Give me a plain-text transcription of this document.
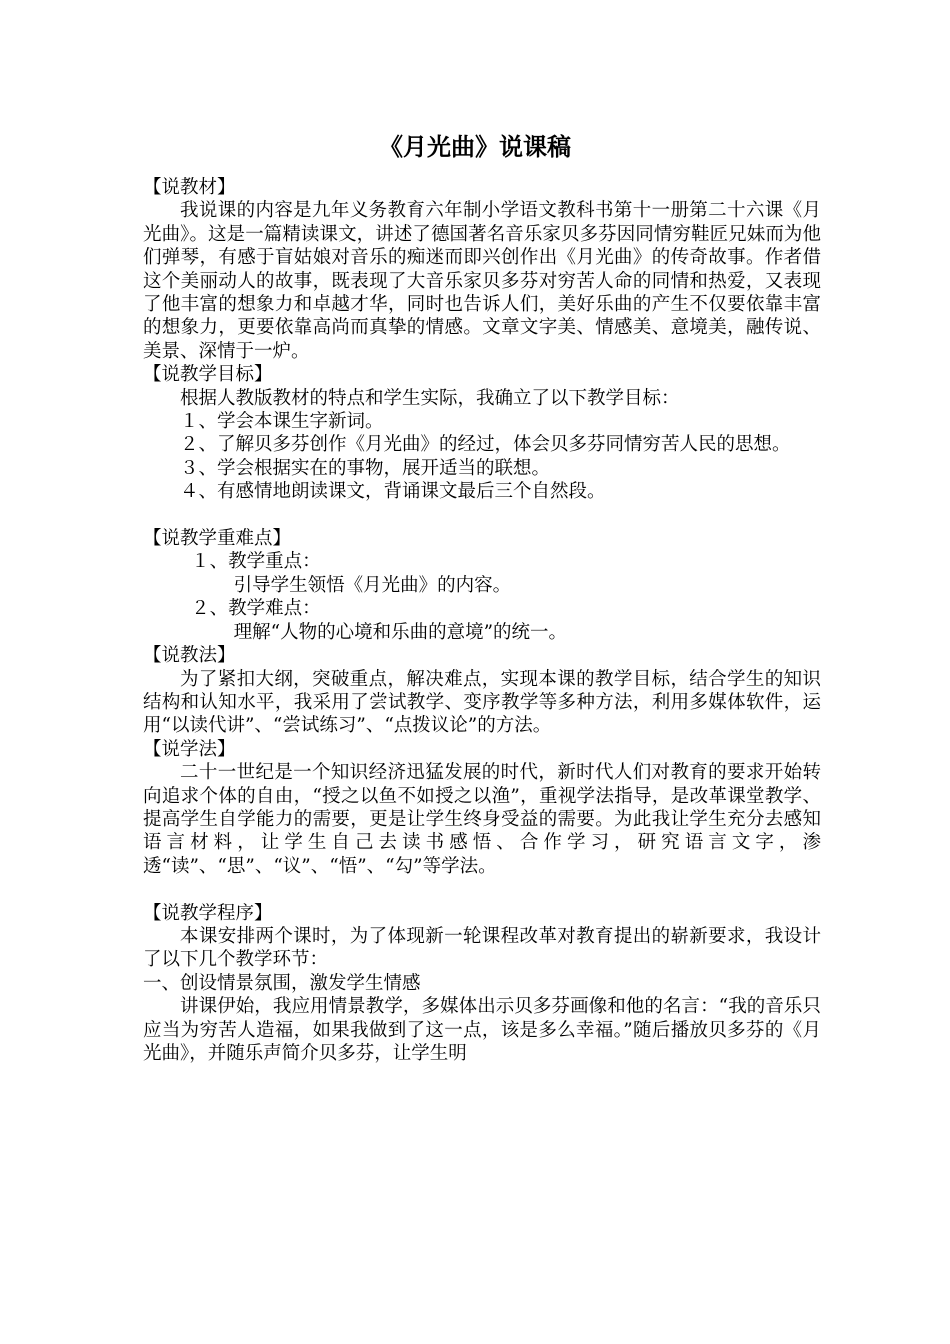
《月光曲》说课稿

【说教材】

我说课的内容是九年义务教育六年制小学语文教科书第十一册第二十六课《月光曲》。这是一篇精读课文，讲述了德国著名音乐家贝多芬因同情穷鞋匠兄妹而为他们弹琴，有感于盲姑娘对音乐的痴迷而即兴创作出《月光曲》的传奇故事。作者借这个美丽动人的故事，既表现了大音乐家贝多芬对穷苦人命的同情和热爱，又表现了他丰富的想象力和卓越才华，同时也告诉人们，美好乐曲的产生不仅要依靠丰富的想象力，更要依靠高尚而真挚的情感。文章文字美、情感美、意境美，融传说、美景、深情于一炉。

【说教学目标】

根据人教版教材的特点和学生实际，我确立了以下教学目标：

１、学会本课生字新词。

２、了解贝多芬创作《月光曲》的经过，体会贝多芬同情穷苦人民的思想。

３、学会根据实在的事物，展开适当的联想。

４、有感情地朗读课文，背诵课文最后三个自然段。

【说教学重难点】

１、教学重点：

引导学生领悟《月光曲》的内容。

２、教学难点：

理解“人物的心境和乐曲的意境”的统一。

【说教法】

为了紧扣大纲，突破重点，解决难点，实现本课的教学目标，结合学生的知识结构和认知水平，我采用了尝试教学、变序教学等多种方法，利用多媒体软件，运用“以读代讲”、“尝试练习”、“点拨议论”的方法。

【说学法】

二十一世纪是一个知识经济迅猛发展的时代，新时代人们对教育的要求开始转向追求个体的自由，“授之以鱼不如授之以渔”，重视学法指导，是改革课堂教学、提高学生自学能力的需要，更是让学生终身受益的需要。为此我让学生充分去感知语言材料，让学生自己去读书感悟、合作学习，研究语言文字，渗透“读”、“思”、“议”、“悟”、“勾”等学法。

【说教学程序】

本课安排两个课时，为了体现新一轮课程改革对教育提出的崭新要求，我设计了以下几个教学环节：

一、创设情景氛围，激发学生情感

讲课伊始，我应用情景教学，多媒体出示贝多芬画像和他的名言：“我的音乐只应当为穷苦人造福，如果我做到了这一点，该是多么幸福。”随后播放贝多芬的《月光曲》，并随乐声简介贝多芬，让学生明
